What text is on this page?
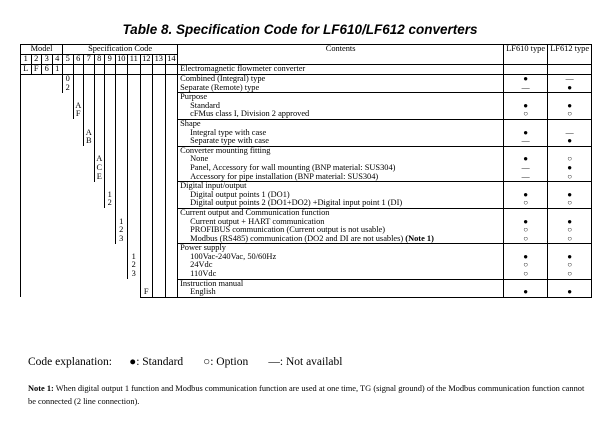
Table 8. Specification Code for LF610/LF612 converters
Model				Specification Code										Contents	LF610 type	LF612 type
1	2	3	4	5	6	7	8	9	10	11	12	13	14			
L	F	6	1											Electromagnetic flowmeter converter		
				0										Combined (Integral) type	●	—
				2										Separate (Remote) type	—	●
														Purpose		
					A									Standard	●	●
					F									cFMus class I, Division 2 approved	○	○
														Shape		
						A								Integral type with case	●	—
						B								Separate type with case	—	●
														Converter mounting fitting		
							A							None	●	○
							C							Panel, Accessory for wall mounting (BNP material: SUS304)	—	●
							E							Accessory for pipe installation (BNP material: SUS304)	—	○
														Digital input/output		
								1						Digital output points 1 (DO1)	●	●
								2						Digital output points 2 (DO1+DO2) +Digital input point 1 (DI)	○	○
														Current output and Communication function		
									1					Current output + HART communication	●	●
									2					PROFIBUS communication (Current output is not usable)	○	○
									3					Modbus (RS485) communication (DO2 and DI are not usables) (Note 1)	○	○
														Power supply		
										1				100Vac-240Vac, 50/60Hz	●	●
										2				24Vdc	○	○
										3				110Vdc	○	○
														Instruction manual		
											F			English	●	●
Code explanation:
● : Standard
○ : Option
— : Not availabl
Note 1: When digital output 1 function and Modbus communication function are used at one time, TG (signal ground) of the Modbus communication function cannot be connected (2 line connection).
